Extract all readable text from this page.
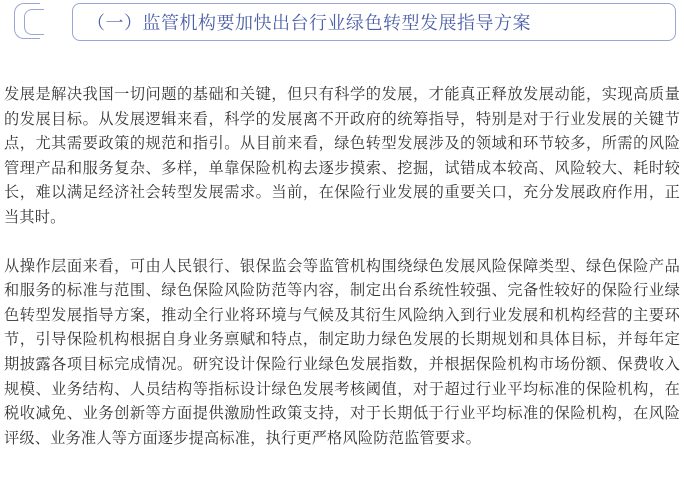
（一）监管机构要加快出台行业绿色转型发展指导方案

发展是解决我国一切问题的基础和关键，但只有科学的发展，才能真正释放发展动能，实现高质量的发展目标。从发展逻辑来看，科学的发展离不开政府的统筹指导，特别是对于行业发展的关键节点，尤其需要政策的规范和指引。从目前来看，绿色转型发展涉及的领域和环节较多，所需的风险管理产品和服务复杂、多样，单靠保险机构去逐步摸索、挖掘，试错成本较高、风险较大、耗时较长，难以满足经济社会转型发展需求。当前，在保险行业发展的重要关口，充分发展政府作用，正当其时。

从操作层面来看，可由人民银行、银保监会等监管机构围绕绿色发展风险保障类型、绿色保险产品和服务的标准与范围、绿色保险风险防范等内容，制定出台系统性较强、完备性较好的保险行业绿色转型发展指导方案，推动全行业将环境与气候及其衍生风险纳入到行业发展和机构经营的主要环节，引导保险机构根据自身业务禀赋和特点，制定助力绿色发展的长期规划和具体目标，并每年定期披露各项目标完成情况。研究设计保险行业绿色发展指数，并根据保险机构市场份额、保费收入规模、业务结构、人员结构等指标设计绿色发展考核阈值，对于超过行业平均标准的保险机构，在税收减免、业务创新等方面提供激励性政策支持，对于长期低于行业平均标准的保险机构，在风险评级、业务准人等方面逐步提高标准，执行更严格风险防范监管要求。
